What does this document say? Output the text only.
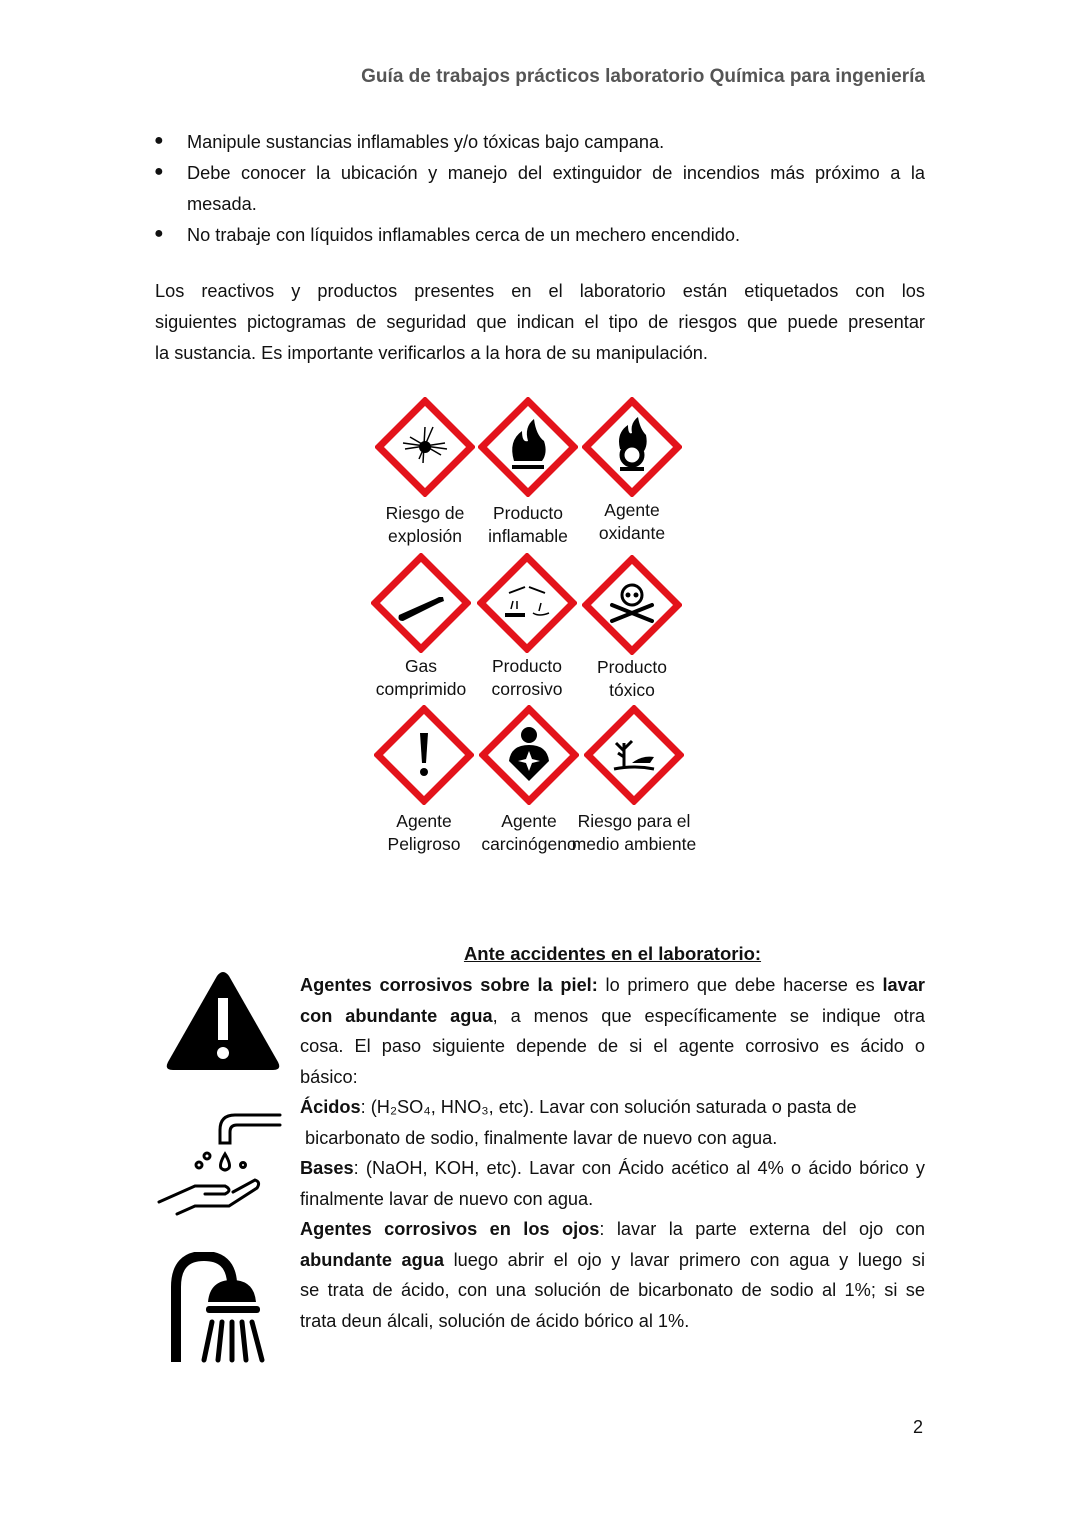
Guía de trabajos prácticos laboratorio Química para ingeniería
● Manipule sustancias inflamables y/o tóxicas bajo campana.
● Debe conocer la ubicación y manejo del extinguidor de incendios más próximo a la
mesada.
● No trabaje con líquidos inflamables cerca de un mechero encendido.
Los reactivos y productos presentes en el laboratorio están etiquetados con los
siguientes pictogramas de seguridad que indican el tipo de riesgos que puede presentar
la sustancia. Es importante verificarlos a la hora de su manipulación.
Riesgo de
explosión
Producto
inflamable
Agente
oxidante
Gas
comprimido
Producto
corrosivo
Producto
tóxico
Agente
Peligroso
Agente
carcinógeno
Riesgo para el
medio ambiente
Ante accidentes en el laboratorio:
Agentes corrosivos sobre la piel: lo primero que debe hacerse es lavar
con abundante agua, a menos que específicamente se indique otra
cosa. El paso siguiente depende de si el agente corrosivo es ácido o
básico:
Ácidos: (H₂SO₄, HNO₃, etc). Lavar con solución saturada o pasta de
bicarbonato de sodio, finalmente lavar de nuevo con agua.
Bases: (NaOH, KOH, etc). Lavar con Ácido acético al 4% o ácido bórico y
finalmente lavar de nuevo con agua.
Agentes corrosivos en los ojos: lavar la parte externa del ojo con
abundante agua luego abrir el ojo y lavar primero con agua y luego si
se trata de ácido, con una solución de bicarbonato de sodio al 1%; si se
trata deun álcali, solución de ácido bórico al 1%.
2
